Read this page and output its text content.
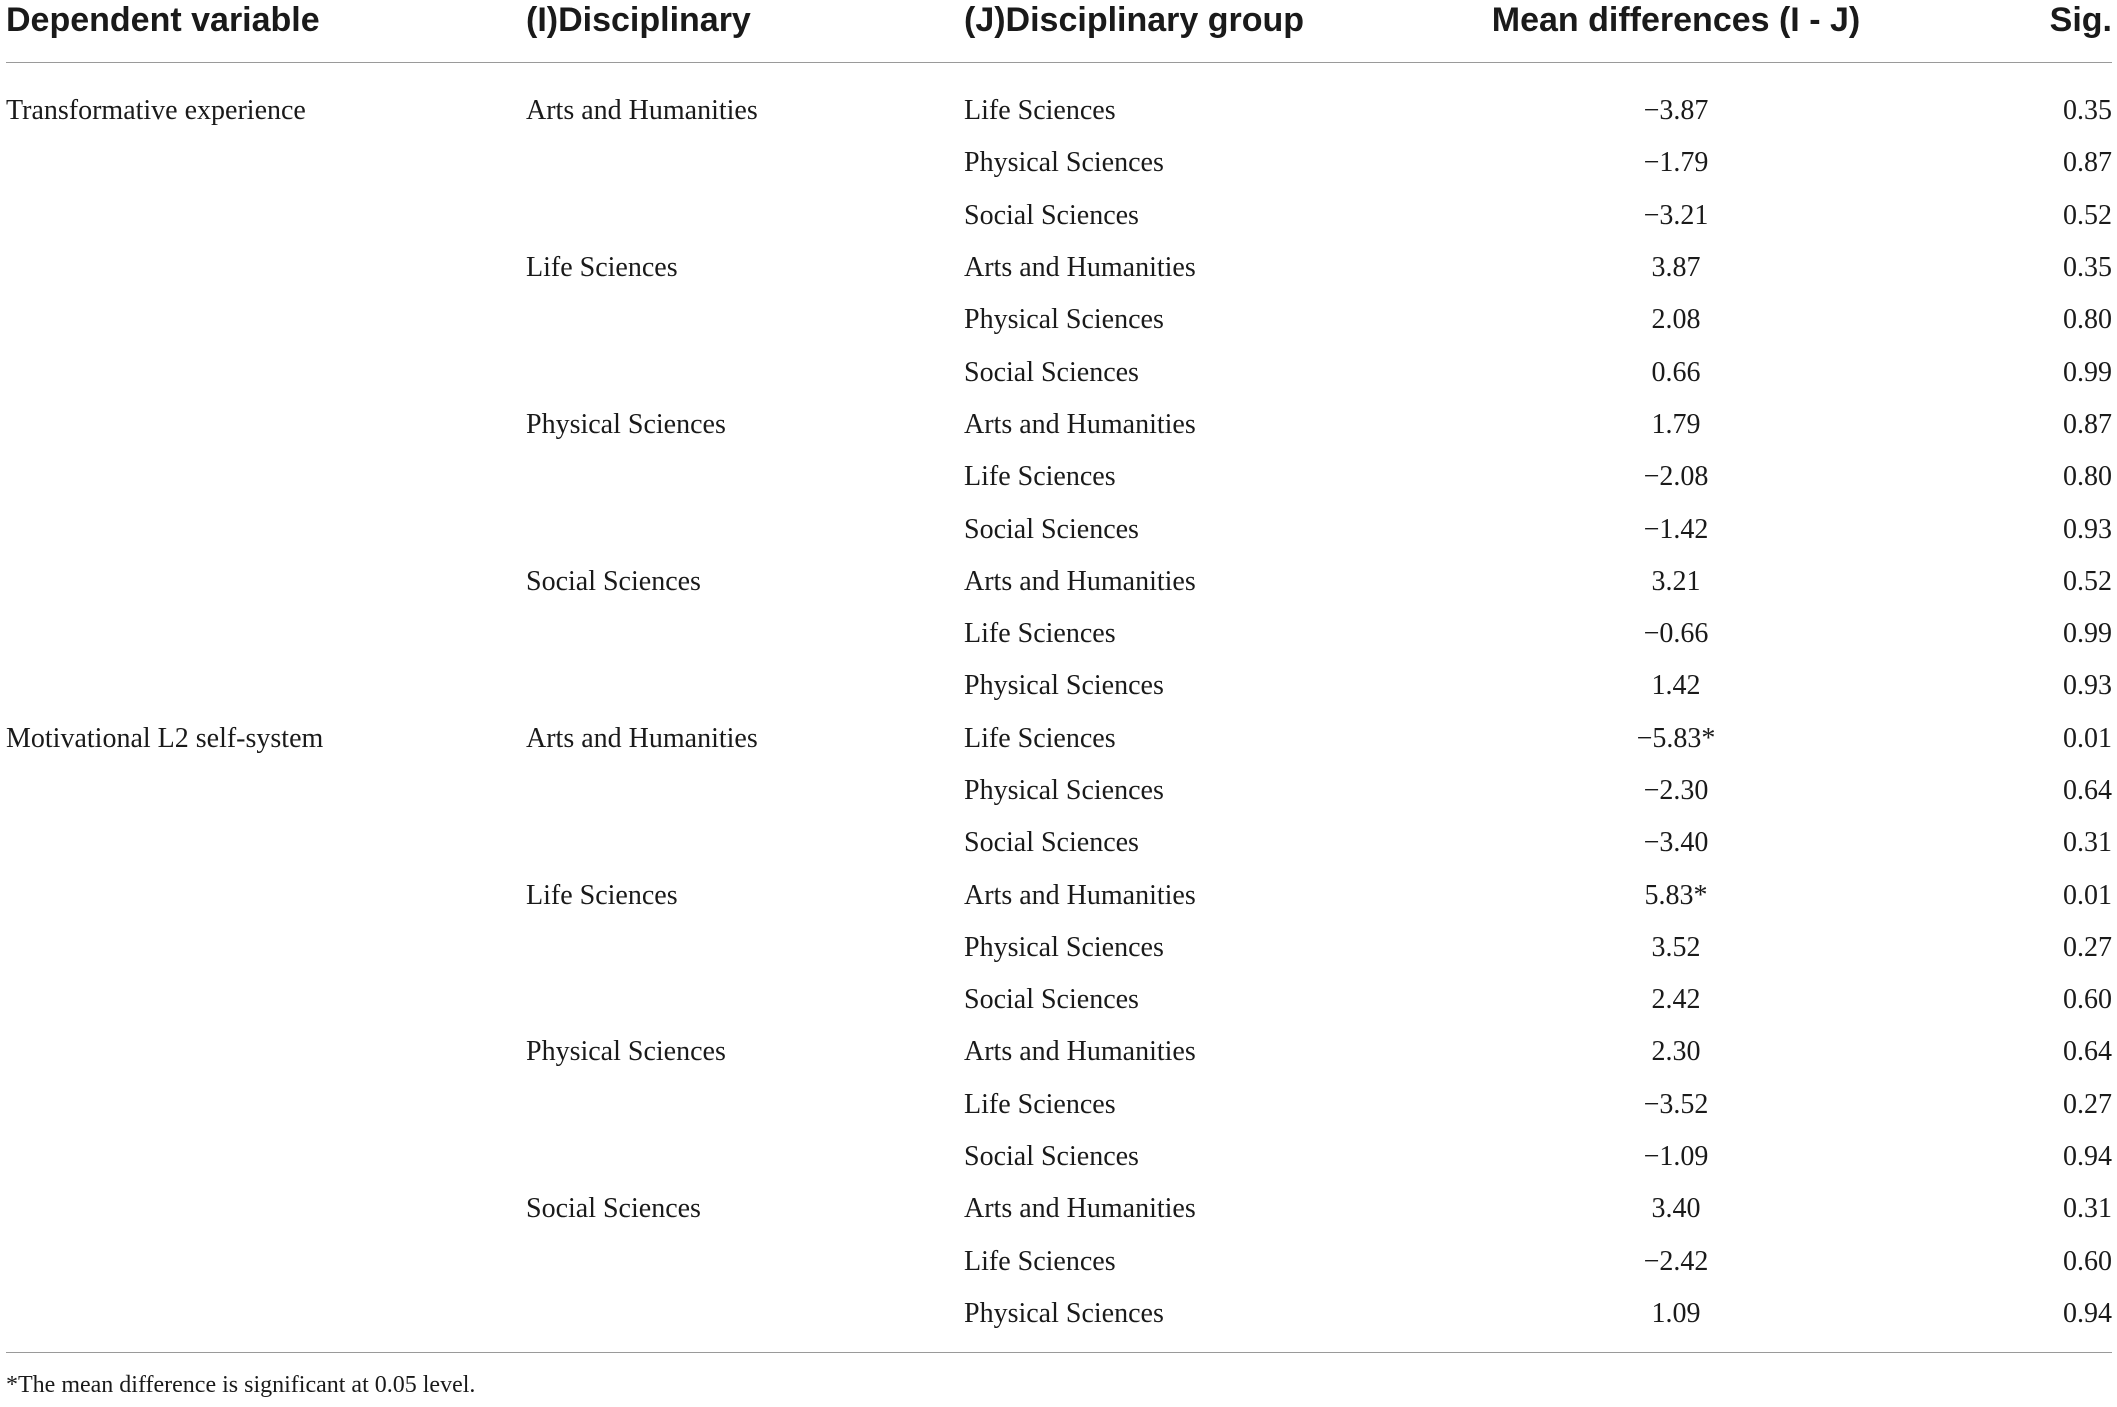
Dependent variable	(I)Disciplinary	(J)Disciplinary group	Mean differences (I - J)	Sig.
Transformative experience	Arts and Humanities	Life Sciences	−3.87	0.35
		Physical Sciences	−1.79	0.87
		Social Sciences	−3.21	0.52
	Life Sciences	Arts and Humanities	3.87	0.35
		Physical Sciences	2.08	0.80
		Social Sciences	0.66	0.99
	Physical Sciences	Arts and Humanities	1.79	0.87
		Life Sciences	−2.08	0.80
		Social Sciences	−1.42	0.93
	Social Sciences	Arts and Humanities	3.21	0.52
		Life Sciences	−0.66	0.99
		Physical Sciences	1.42	0.93
Motivational L2 self-system	Arts and Humanities	Life Sciences	−5.83*	0.01
		Physical Sciences	−2.30	0.64
		Social Sciences	−3.40	0.31
	Life Sciences	Arts and Humanities	5.83*	0.01
		Physical Sciences	3.52	0.27
		Social Sciences	2.42	0.60
	Physical Sciences	Arts and Humanities	2.30	0.64
		Life Sciences	−3.52	0.27
		Social Sciences	−1.09	0.94
	Social Sciences	Arts and Humanities	3.40	0.31
		Life Sciences	−2.42	0.60
		Physical Sciences	1.09	0.94
*The mean difference is significant at 0.05 level.
